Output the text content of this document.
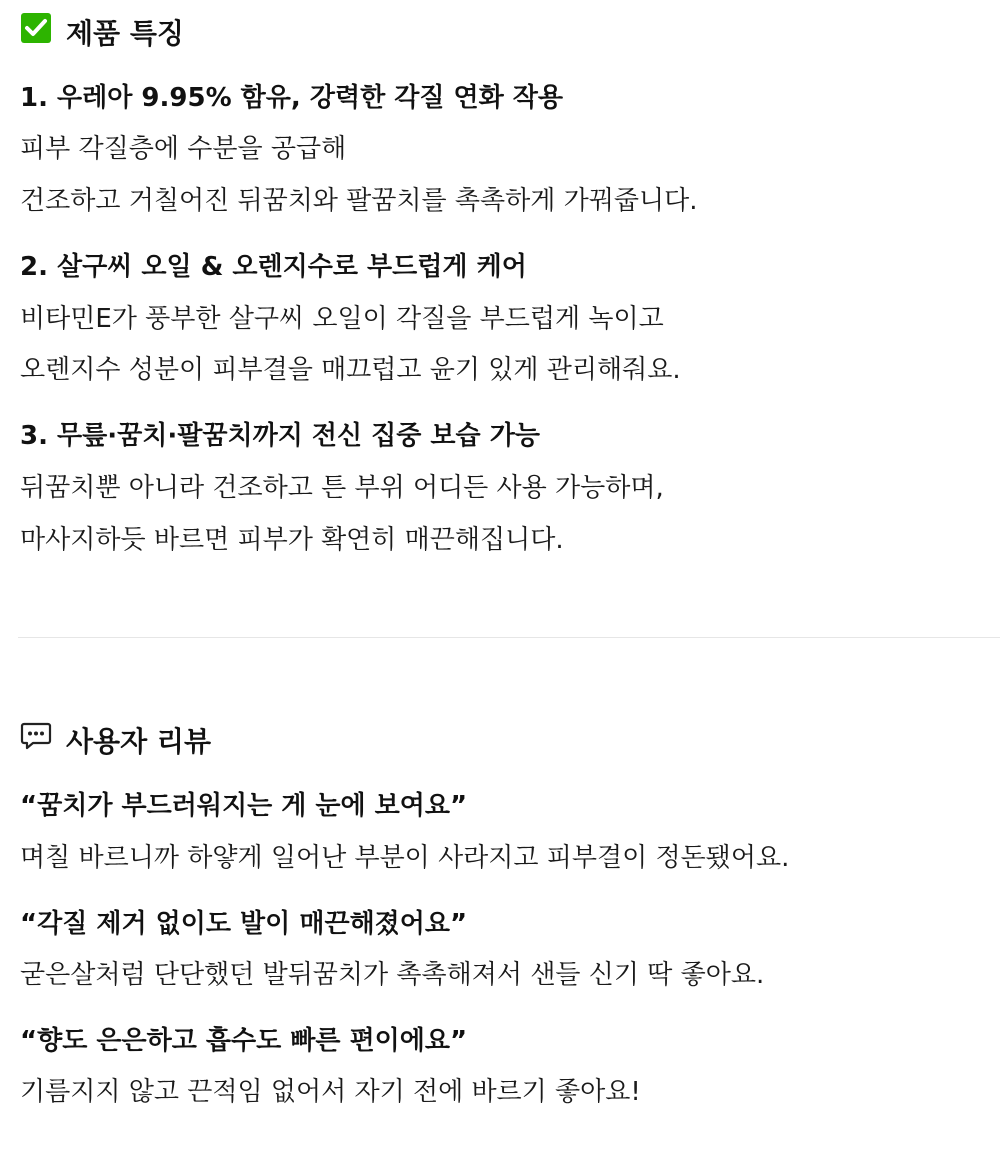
제품 특징
1. 우레아 9.95% 함유, 강력한 각질 연화 작용
피부 각질층에 수분을 공급해
건조하고 거칠어진 뒤꿈치와 팔꿈치를 촉촉하게 가꿔줍니다.
2. 살구씨 오일 & 오렌지수로 부드럽게 케어
비타민E가 풍부한 살구씨 오일이 각질을 부드럽게 녹이고
오렌지수 성분이 피부결을 매끄럽고 윤기 있게 관리해줘요.
3. 무릎·꿈치·팔꿈치까지 전신 집중 보습 가능
뒤꿈치뿐 아니라 건조하고 튼 부위 어디든 사용 가능하며,
마사지하듯 바르면 피부가 확연히 매끈해집니다.
사용자 리뷰
“꿈치가 부드러워지는 게 눈에 보여요”
며칠 바르니까 하얗게 일어난 부분이 사라지고 피부결이 정돈됐어요.
“각질 제거 없이도 발이 매끈해졌어요”
굳은살처럼 단단했던 발뒤꿈치가 촉촉해져서 샌들 신기 딱 좋아요.
“향도 은은하고 흡수도 빠른 편이에요”
기름지지 않고 끈적임 없어서 자기 전에 바르기 좋아요!
